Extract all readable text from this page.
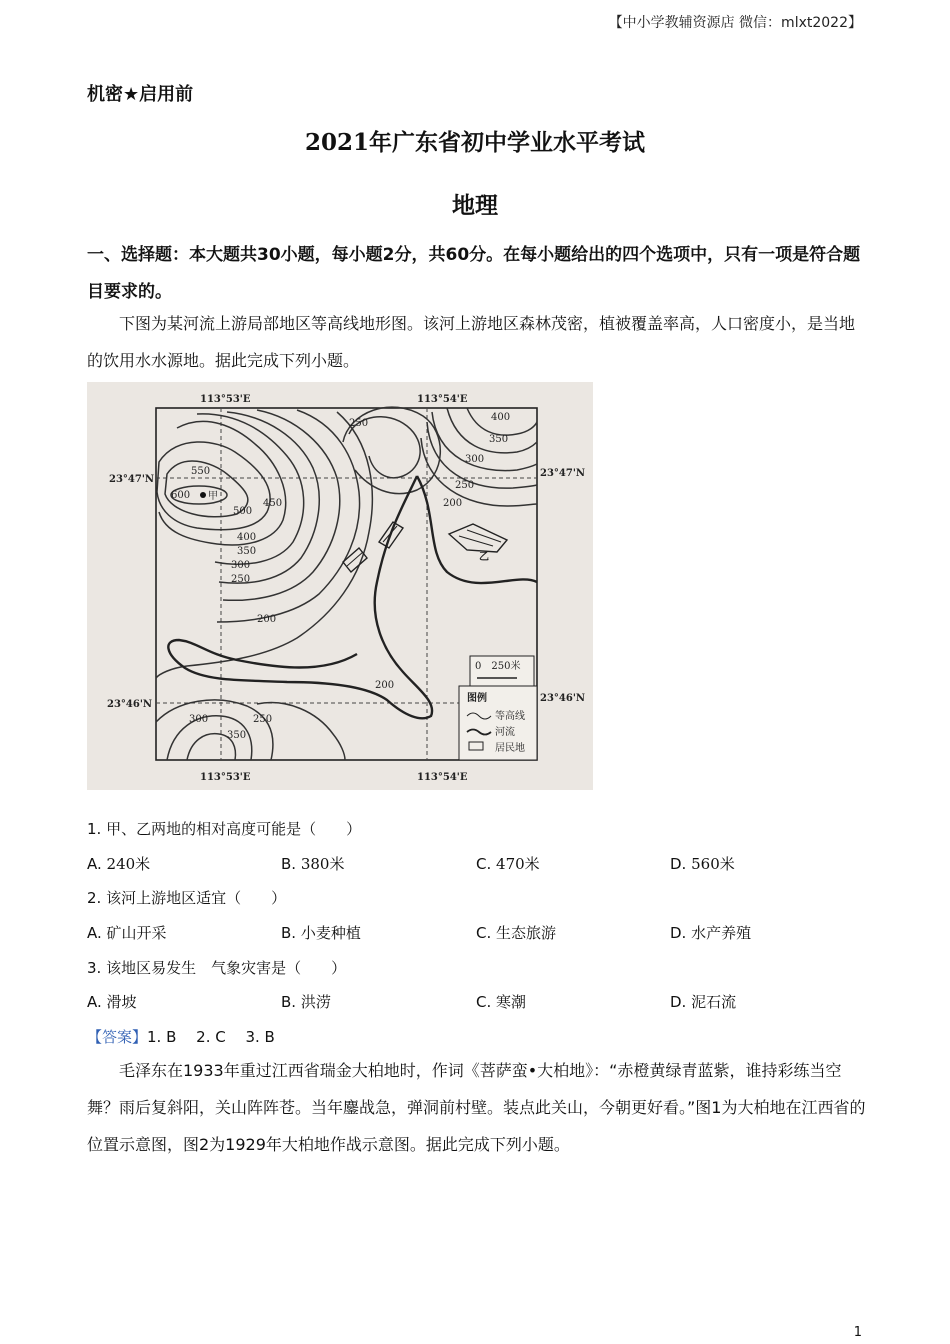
【中小学教辅资源店 微信：mlxt2022】
机密★启用前
2021年广东省初中学业水平考试
地理
一、选择题：本大题共30小题，每小题2分，共60分。在每小题给出的四个选项中，只有一项是符合题目要求的。
下图为某河流上游局部地区等高线地形图。该河上游地区森林茂密，植被覆盖率高，人口密度小，是当地的饮用水水源地。据此完成下列小题。
113°53'E	113°54'E
113°53'E	113°54'E
23°47'N
23°47'N
23°46'N
23°46'N
600
550
500
450
400
350
300
250
200
400
350
300
250
200
250
200
300	250
350
甲
乙
0　250米
图例
等高线
河流
居民地
1. 甲、乙两地的相对高度可能是（　　）
A. 240米	B. 380米	C. 470米	D. 560米
2. 该河上游地区适宜（　　）
A. 矿山开采	B. 小麦种植	C. 生态旅游	D. 水产养殖
3. 该地区易发生　气象灾害是（　　）
A. 滑坡	B. 洪涝	C. 寒潮	D. 泥石流
【答案】1. B　 2. C　 3. B
毛泽东在1933年重过江西省瑞金大柏地时，作词《菩萨蛮•大柏地》：“赤橙黄绿青蓝紫，谁持彩练当空舞？雨后复斜阳，关山阵阵苍。当年鏖战急，弹洞前村壁。装点此关山，今朝更好看。”图1为大柏地在江西省的位置示意图，图2为1929年大柏地作战示意图。据此完成下列小题。
1
